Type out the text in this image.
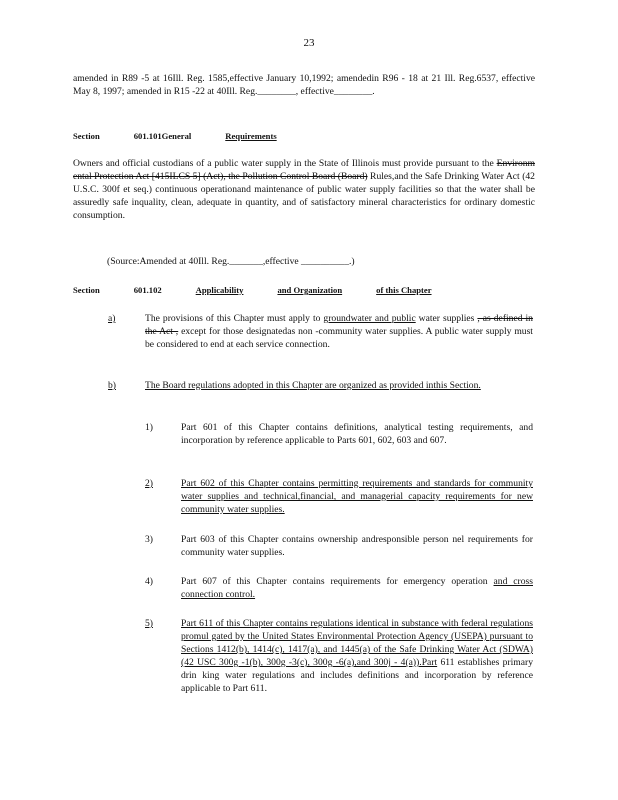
23
amended in R89 -5 at 16Ill. Reg. 1585,effective January 10,1992; amendedin R96 - 18 at 21 Ill. Reg.6537, effective May 8, 1997; amended in R15 -22 at 40Ill. Reg.________, effective________.
Section	601.101General	Requirements
Owners and official custodians of a public water supply in the State of Illinois must provide pursuant to the Environm ental Protection Act [415ILCS 5] (Act), the Pollution Control Board (Board) Rules,and the Safe Drinking Water Act (42 U.S.C. 300f et seq.) continuous operationand maintenance of public water supply facilities so that the water shall be assuredly safe inquality, clean, adequate in quantity, and of satisfactory mineral characteristics for ordinary domestic consumption.
(Source:Amended at 40Ill. Reg._______,effective __________.)
Section	601.102	Applicability	and Organization	of this Chapter
a)	The provisions of this Chapter must apply to groundwater and public water supplies , as defined in the Act , except for those designatedas non -community water supplies. A public water supply must be considered to end at each service connection.
b)	The Board regulations adopted in this Chapter are organized as provided inthis Section.
1)	Part 601 of this Chapter contains definitions, analytical testing requirements, and incorporation by reference applicable to Parts 601, 602, 603 and 607.
2)	Part 602 of this Chapter contains permitting requirements and standards for community water supplies and technical,financial, and managerial capacity requirements for new community water supplies.
3)	Part 603 of this Chapter contains ownership andresponsible person nel requirements for community water supplies.
4)	Part 607 of this Chapter contains requirements for emergency operation and cross connection control.
5)	Part 611 of this Chapter contains regulations identical in substance with federal regulations promul gated by the United States Environmental Protection Agency (USEPA) pursuant to Sections 1412(b), 1414(c), 1417(a), and 1445(a) of the Safe Drinking Water Act (SDWA) (42 USC 300g -1(b), 300g -3(c), 300g -6(a),and 300j - 4(a)).Part 611 establishes primary drin king water regulations and includes definitions and incorporation by reference applicable to Part 611.
